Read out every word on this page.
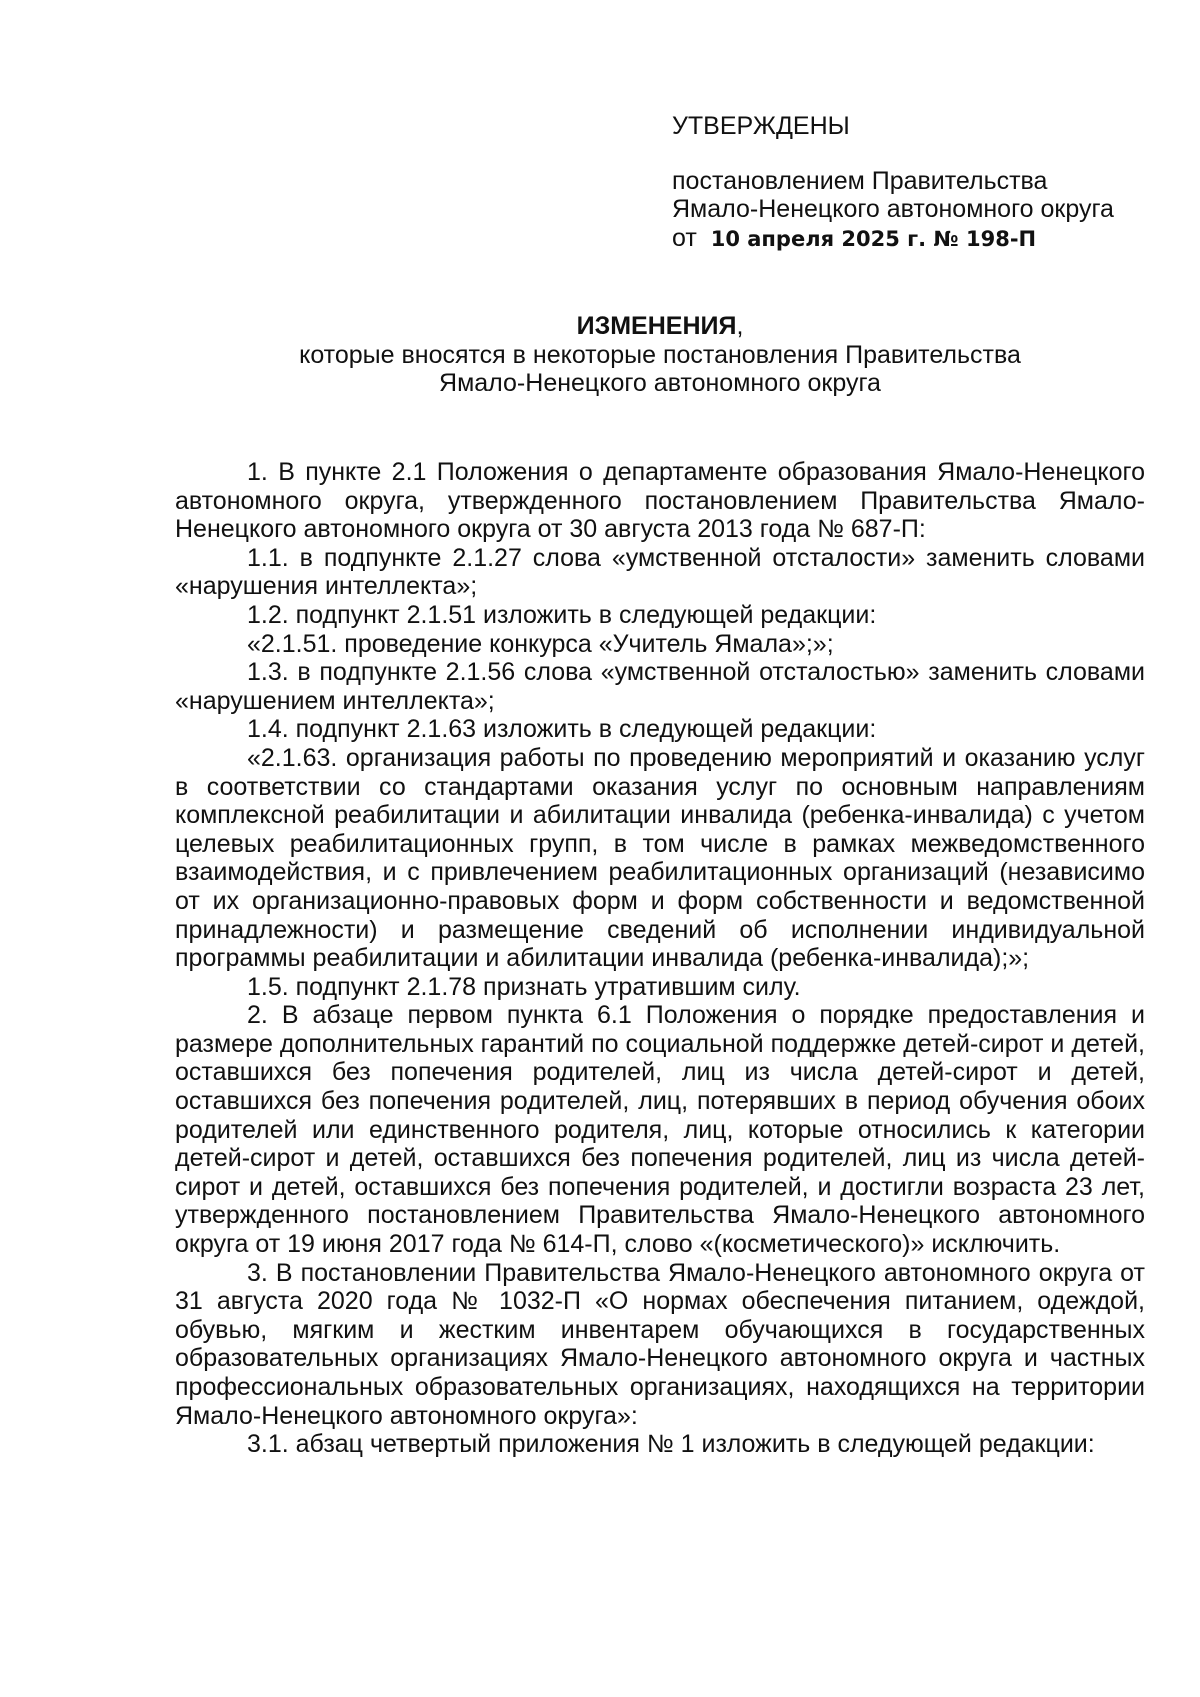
УТВЕРЖДЕНЫ

постановлением Правительства

Ямало-Ненецкого автономного округа

от 10 апреля 2025 г. № 198-П

ИЗМЕНЕНИЯ,

которые вносятся в некоторые постановления Правительства

Ямало-Ненецкого автономного округа

1. В пункте 2.1 Положения о департаменте образования Ямало-Ненецкого автономного округа, утвержденного постановлением Правительства Ямало-Ненецкого автономного округа от 30 августа 2013 года № 687-П:

1.1. в подпункте 2.1.27 слова «умственной отсталости» заменить словами «нарушения интеллекта»;

1.2. подпункт 2.1.51 изложить в следующей редакции:

«2.1.51. проведение конкурса «Учитель Ямала»;»;

1.3. в подпункте 2.1.56 слова «умственной отсталостью» заменить словами «нарушением интеллекта»;

1.4. подпункт 2.1.63 изложить в следующей редакции:

«2.1.63. организация работы по проведению мероприятий и оказанию услуг в соответствии со стандартами оказания услуг по основным направлениям комплексной реабилитации и абилитации инвалида (ребенка-инвалида) с учетом целевых реабилитационных групп, в том числе в рамках межведомственного взаимодействия, и с привлечением реабилитационных организаций (независимо от их организационно-правовых форм и форм собственности и ведомственной принадлежности) и размещение сведений об исполнении индивидуальной программы реабилитации и абилитации инвалида (ребенка-инвалида);»;

1.5. подпункт 2.1.78 признать утратившим силу.

2. В абзаце первом пункта 6.1 Положения о порядке предоставления и размере дополнительных гарантий по социальной поддержке детей-сирот и детей, оставшихся без попечения родителей, лиц из числа детей-сирот и детей, оставшихся без попечения родителей, лиц, потерявших в период обучения обоих родителей или единственного родителя, лиц, которые относились к категории детей-сирот и детей, оставшихся без попечения родителей, лиц из числа детей-сирот и детей, оставшихся без попечения родителей, и достигли возраста 23 лет, утвержденного постановлением Правительства Ямало-Ненецкого автономного округа от 19 июня 2017 года № 614-П, слово «(косметического)» исключить.

3. В постановлении Правительства Ямало-Ненецкого автономного округа от 31 августа 2020 года № 1032-П «О нормах обеспечения питанием, одеждой, обувью, мягким и жестким инвентарем обучающихся в государственных образовательных организациях Ямало-Ненецкого автономного округа и частных профессиональных образовательных организациях, находящихся на территории Ямало-Ненецкого автономного округа»:

3.1. абзац четвертый приложения № 1 изложить в следующей редакции:
